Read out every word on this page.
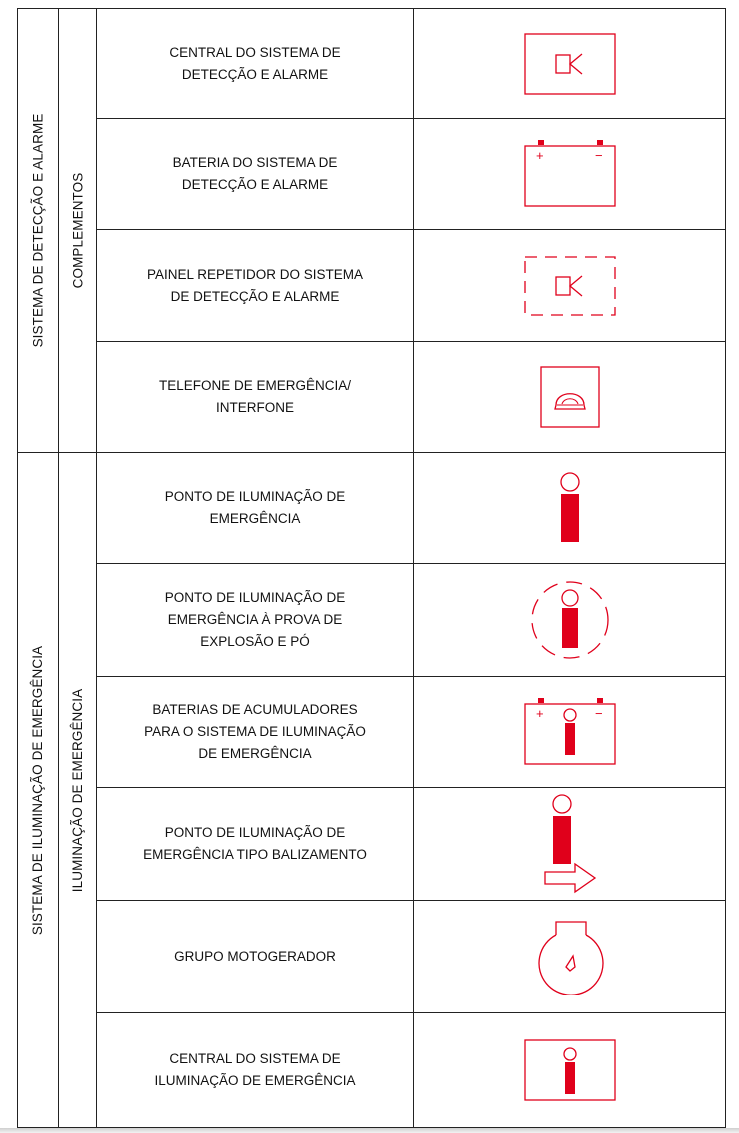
SISTEMA DE DETECÇÃO E ALARME COMPLEMENTOS
SISTEMA DE ILUMINAÇÃO DE EMERGÊNCIA ILUMINAÇÃO DE EMERGÊNCIA
CENTRAL DO SISTEMA DE
DETECÇÃO E ALARME
BATERIA DO SISTEMA DE
DETECÇÃO E ALARME
PAINEL REPETIDOR DO SISTEMA
DE DETECÇÃO E ALARME
TELEFONE DE EMERGÊNCIA/
INTERFONE
PONTO DE ILUMINAÇÃO DE
EMERGÊNCIA
PONTO DE ILUMINAÇÃO DE
EMERGÊNCIA À PROVA DE
EXPLOSÃO E PÓ
BATERIAS DE ACUMULADORES
PARA O SISTEMA DE ILUMINAÇÃO
DE EMERGÊNCIA
PONTO DE ILUMINAÇÃO DE
EMERGÊNCIA TIPO BALIZAMENTO
GRUPO MOTOGERADOR
CENTRAL DO SISTEMA DE
ILUMINAÇÃO DE EMERGÊNCIA
+	−
+	−
